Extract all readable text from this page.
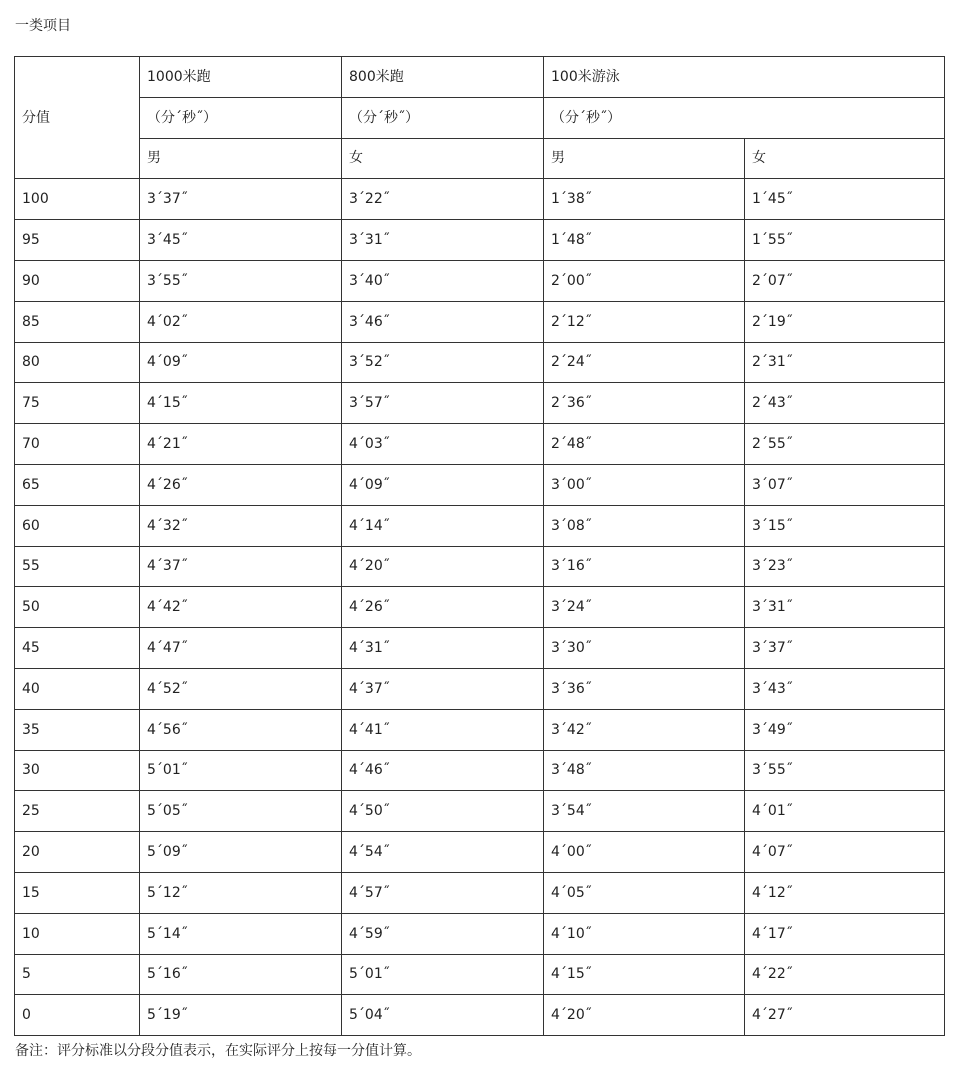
一类项目
分值	1000米跑	800米跑	100米游泳	
	（分´秒˝）	（分´秒˝）	（分´秒˝）	
	男	女	男	女
100	3´37˝	3´22˝	1´38˝	1´45˝
95	3´45˝	3´31˝	1´48˝	1´55˝
90	3´55˝	3´40˝	2´00˝	2´07˝
85	4´02˝	3´46˝	2´12˝	2´19˝
80	4´09˝	3´52˝	2´24˝	2´31˝
75	4´15˝	3´57˝	2´36˝	2´43˝
70	4´21˝	4´03˝	2´48˝	2´55˝
65	4´26˝	4´09˝	3´00˝	3´07˝
60	4´32˝	4´14˝	3´08˝	3´15˝
55	4´37˝	4´20˝	3´16˝	3´23˝
50	4´42˝	4´26˝	3´24˝	3´31˝
45	4´47˝	4´31˝	3´30˝	3´37˝
40	4´52˝	4´37˝	3´36˝	3´43˝
35	4´56˝	4´41˝	3´42˝	3´49˝
30	5´01˝	4´46˝	3´48˝	3´55˝
25	5´05˝	4´50˝	3´54˝	4´01˝
20	5´09˝	4´54˝	4´00˝	4´07˝
15	5´12˝	4´57˝	4´05˝	4´12˝
10	5´14˝	4´59˝	4´10˝	4´17˝
5	5´16˝	5´01˝	4´15˝	4´22˝
0	5´19˝	5´04˝	4´20˝	4´27˝
备注：评分标准以分段分值表示，在实际评分上按每一分值计算。
